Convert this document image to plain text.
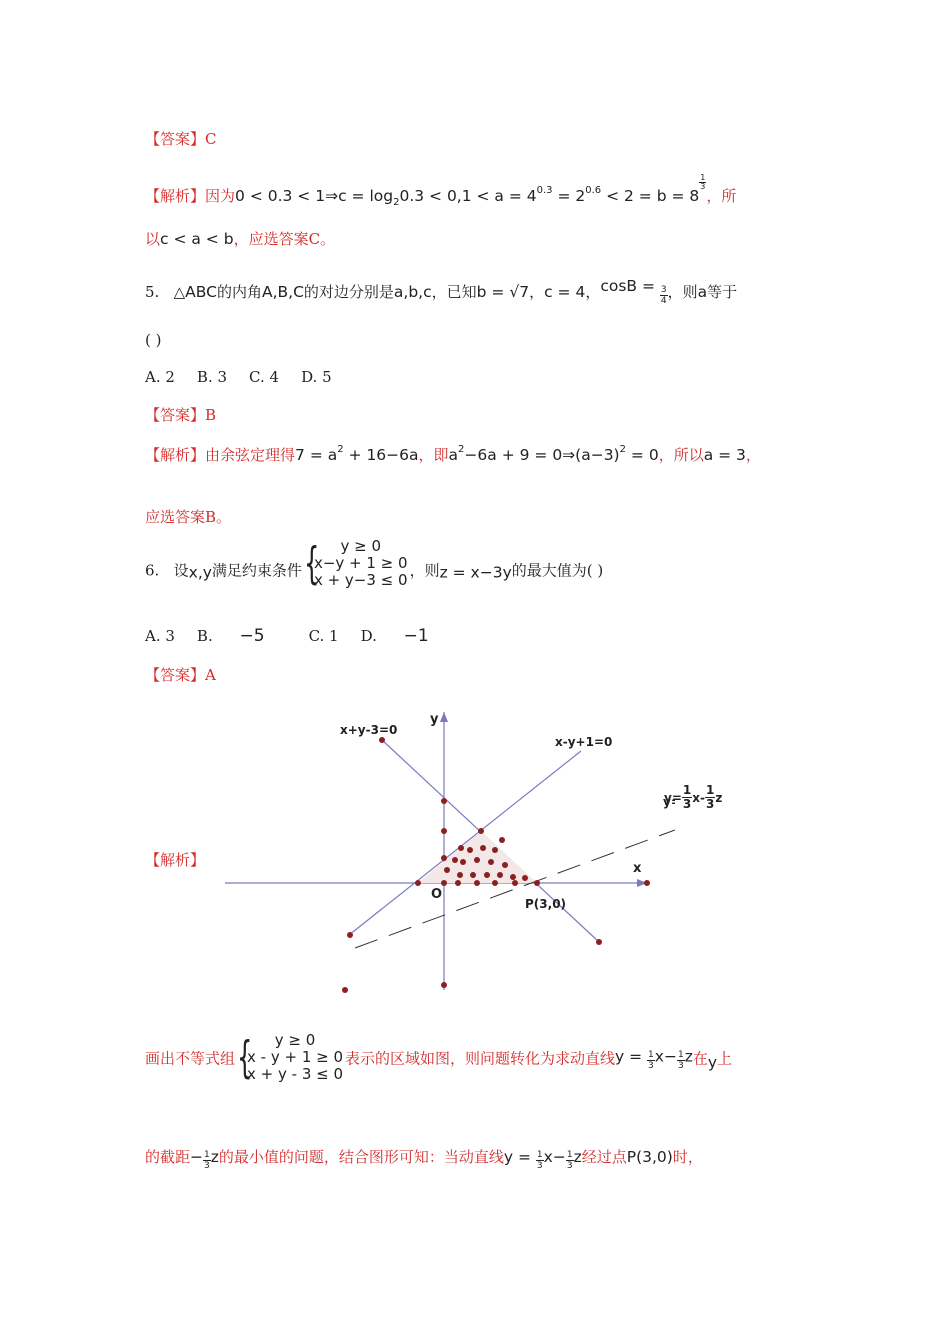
【答案】C
【解析】因为0 < 0.3 < 1⇒c = $\log_20.3 < 0,1 < a = 4^{0.3} = 2^{0.6} < 2 = b = 8$
$\frac{1}{3}$
，所
以c < a < b，应选答案C。
5. △ABC的内角A,B,C的对边分别是a,b,c，已知b = √7，c = 4，$\cos B = \frac{3}{4}$ ，则a等于
( )
A. 2 B. 3 C. 4 D. 5
【答案】B
【解析】由余弦定理得$7 = a^2 + 16-6a$，即$a^2-6a + 9$ = $0\Rightarrow(a-3)^2 = 0$，所以a = 3，
应选答案B。
6. 设x,y满足约束条件 {	y ≥ 0
x−y + 1 ≥ 0
x + y−3 ≤ 0
，则z = x−3y的最大值为( )
A. 3 B. −5	C. 1 D. −1
【答案】A
【解析】
x+y-3=0
x-y+1=0
y
x
O
P(3,0)
y
$y= \frac{1}{3} x- \frac{1}{3}$ z
画出不等式组 {	y ≥ 0
x - y + 1 ≥ 0
x + y - 3 ≤ 0
表示的区域如图，则问题转化为求动直线$y = \frac{1}{3} x- \frac{1}{3}$ z在y上
的截距− $\frac{1}{3}$ z的最小值的问题，结合图形可知：当动直线$y = \frac{1}{3} x- \frac{1}{3}$ z经过点P(3,0)时，
